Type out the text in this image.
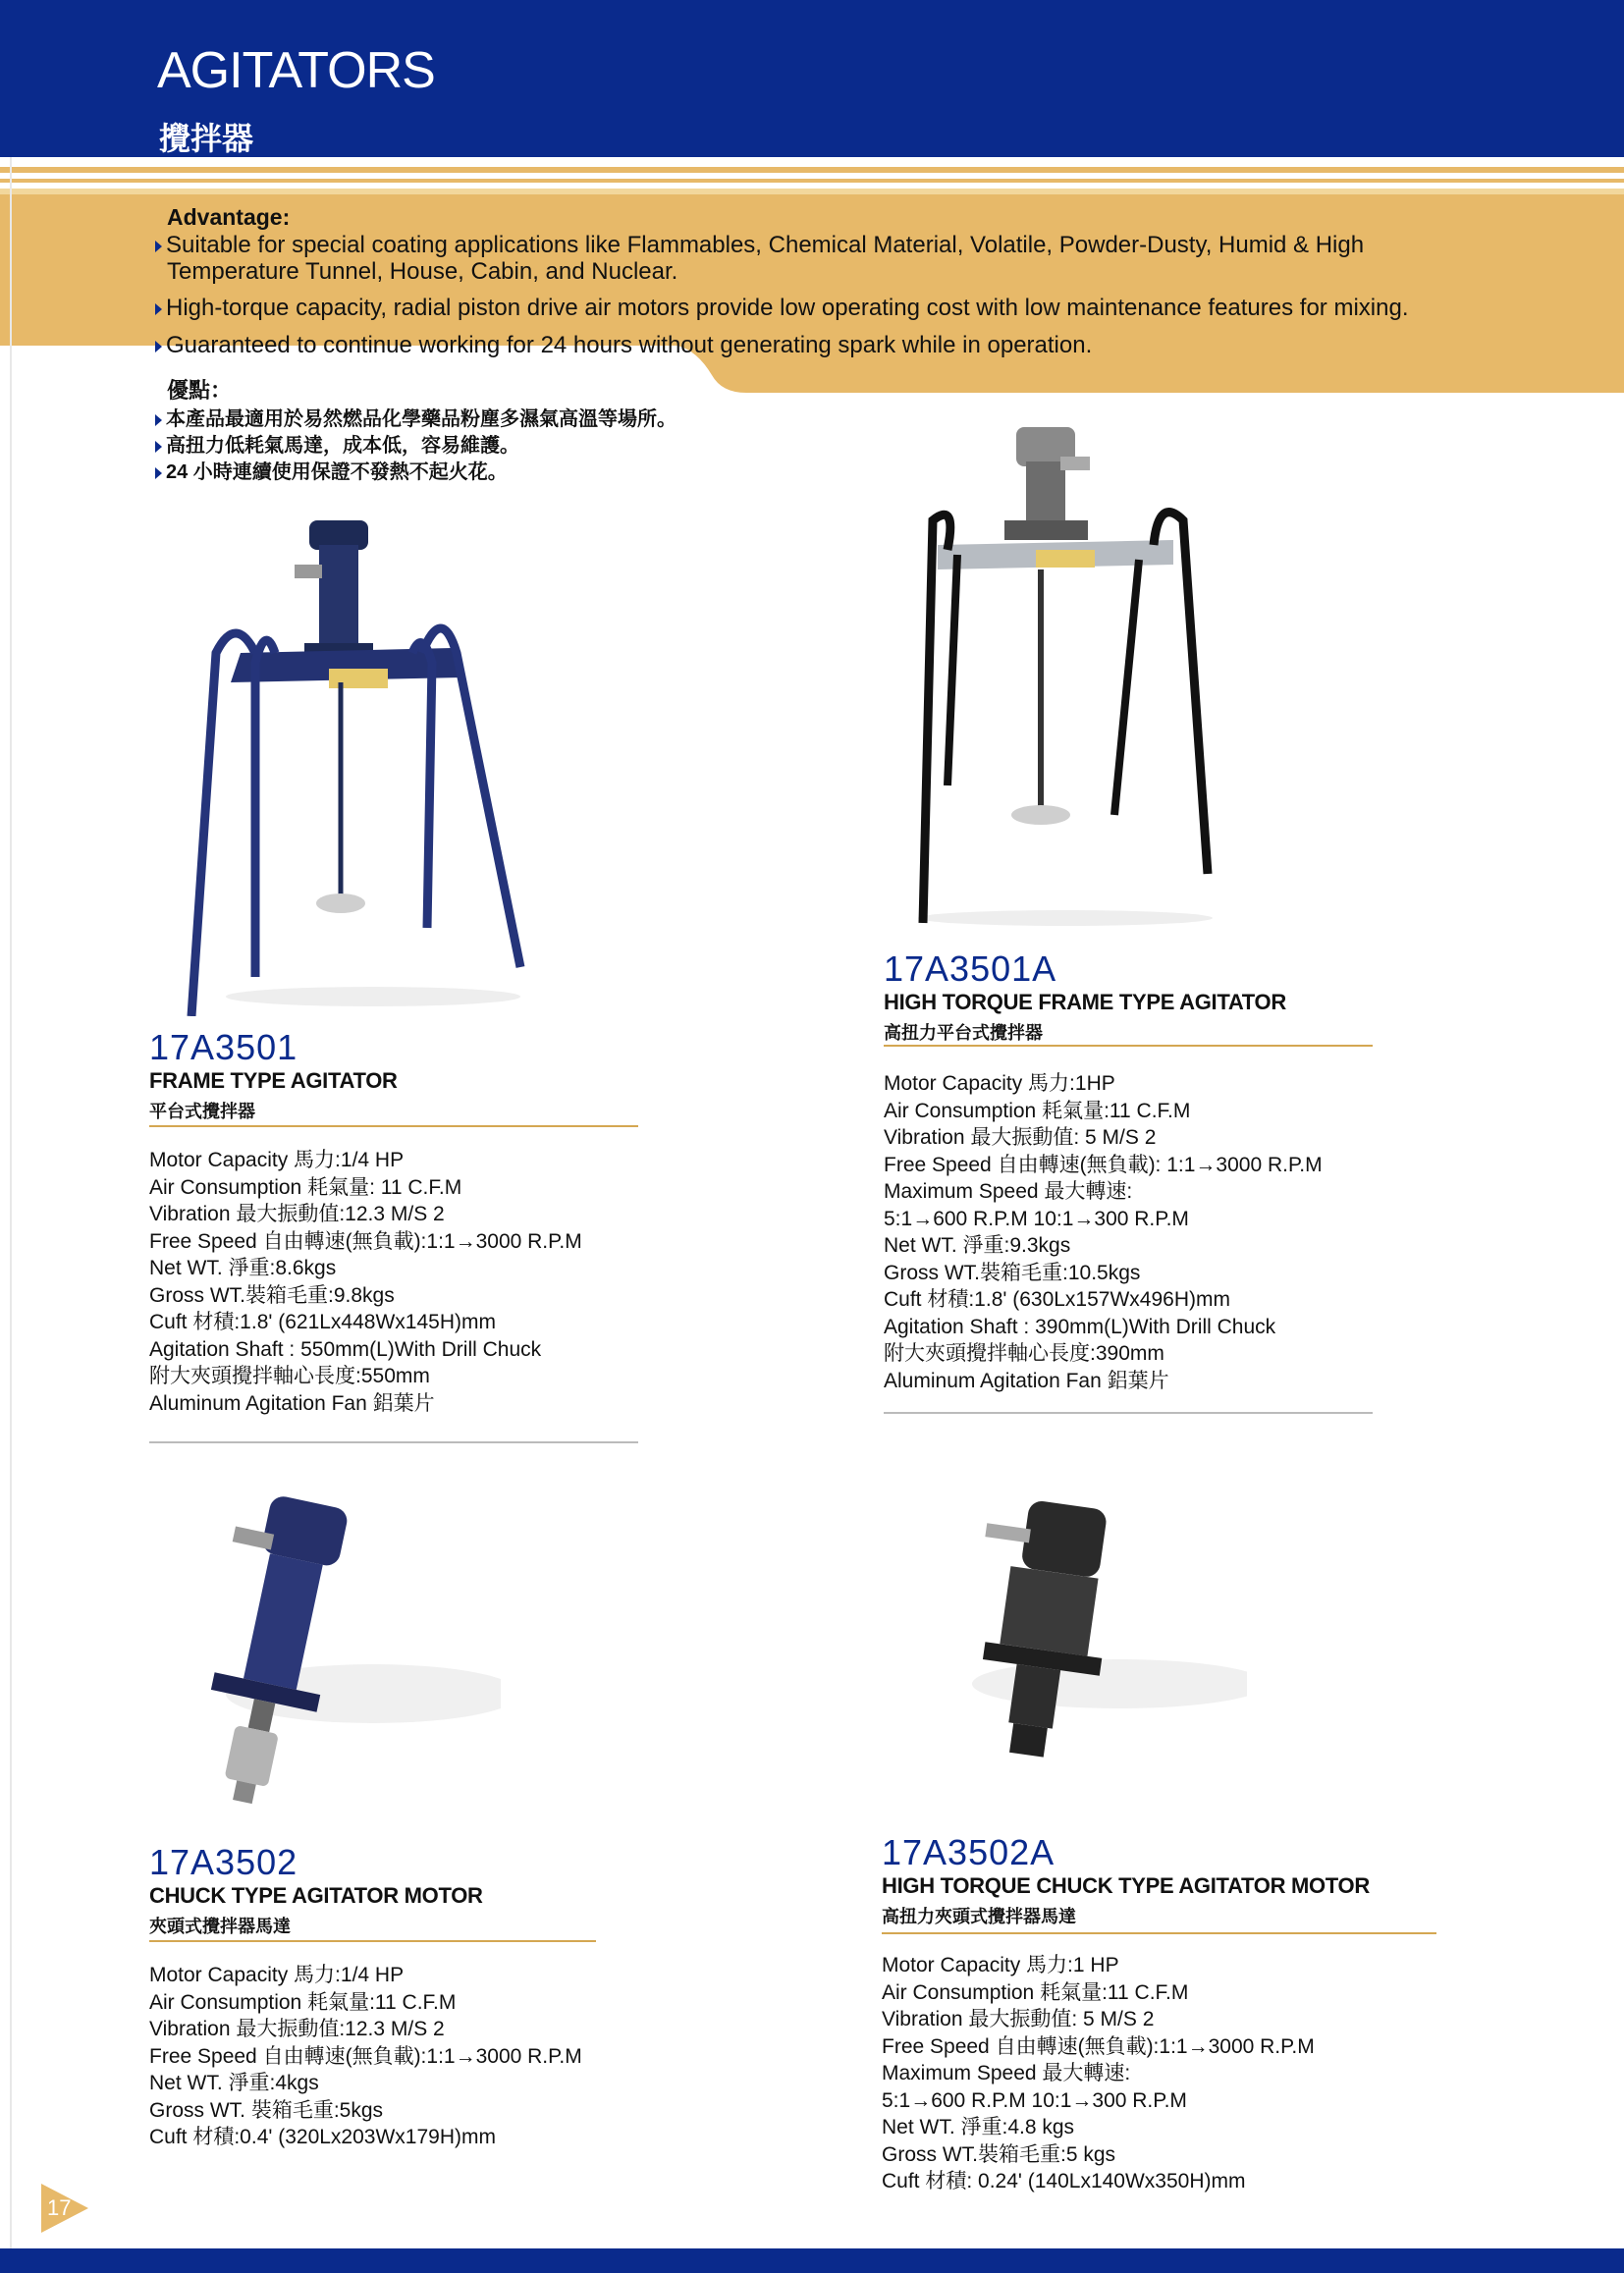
AGITATORS
攪拌器
Advantage:
Suitable for special coating applications like Flammables, Chemical Material, Volatile, Powder-Dusty, Humid & High
Temperature Tunnel, House, Cabin, and Nuclear.
High-torque capacity, radial piston drive air motors provide low operating cost with low maintenance features for mixing.
Guaranteed to continue working for 24 hours without generating spark while in operation.
優點：
本產品最適用於易然燃品化學藥品粉塵多濕氣高溫等場所。
高扭力低耗氣馬達，成本低，容易維護。
24 小時連續使用保證不發熱不起火花。
17A3501
FRAME TYPE AGITATOR
平台式攪拌器
Motor Capacity 馬力:1/4 HP
Air Consumption 耗氣量: 11 C.F.M
Vibration 最大振動值:12.3 M/S 2
Free Speed 自由轉速(無負載):1:1→3000 R.P.M
Net WT. 淨重:8.6kgs
Gross WT.裝箱毛重:9.8kgs
Cuft 材積:1.8' (621Lx448Wx145H)mm
Agitation Shaft : 550mm(L)With Drill Chuck
附大夾頭攪拌軸心長度:550mm
Aluminum Agitation Fan 鋁葉片
17A3501A
HIGH TORQUE FRAME TYPE AGITATOR
高扭力平台式攪拌器
Motor Capacity 馬力:1HP
Air Consumption 耗氣量:11 C.F.M
Vibration 最大振動值: 5 M/S 2
Free Speed 自由轉速(無負載): 1:1→3000 R.P.M
Maximum Speed 最大轉速:
5:1→600 R.P.M 10:1→300 R.P.M
Net WT. 淨重:9.3kgs
Gross WT.裝箱毛重:10.5kgs
Cuft 材積:1.8' (630Lx157Wx496H)mm
Agitation Shaft : 390mm(L)With Drill Chuck
附大夾頭攪拌軸心長度:390mm
Aluminum Agitation Fan 鋁葉片
17A3502
CHUCK TYPE AGITATOR MOTOR
夾頭式攪拌器馬達
Motor Capacity 馬力:1/4 HP
Air Consumption 耗氣量:11 C.F.M
Vibration 最大振動值:12.3 M/S 2
Free Speed 自由轉速(無負載):1:1→3000 R.P.M
Net WT. 淨重:4kgs
Gross WT. 裝箱毛重:5kgs
Cuft 材積:0.4' (320Lx203Wx179H)mm
17A3502A
HIGH TORQUE CHUCK TYPE AGITATOR MOTOR
高扭力夾頭式攪拌器馬達
Motor Capacity 馬力:1 HP
Air Consumption 耗氣量:11 C.F.M
Vibration 最大振動值: 5 M/S 2
Free Speed 自由轉速(無負載):1:1→3000 R.P.M
Maximum Speed 最大轉速:
5:1→600 R.P.M 10:1→300 R.P.M
Net WT. 淨重:4.8 kgs
Gross WT.裝箱毛重:5 kgs
Cuft 材積: 0.24' (140Lx140Wx350H)mm
17
